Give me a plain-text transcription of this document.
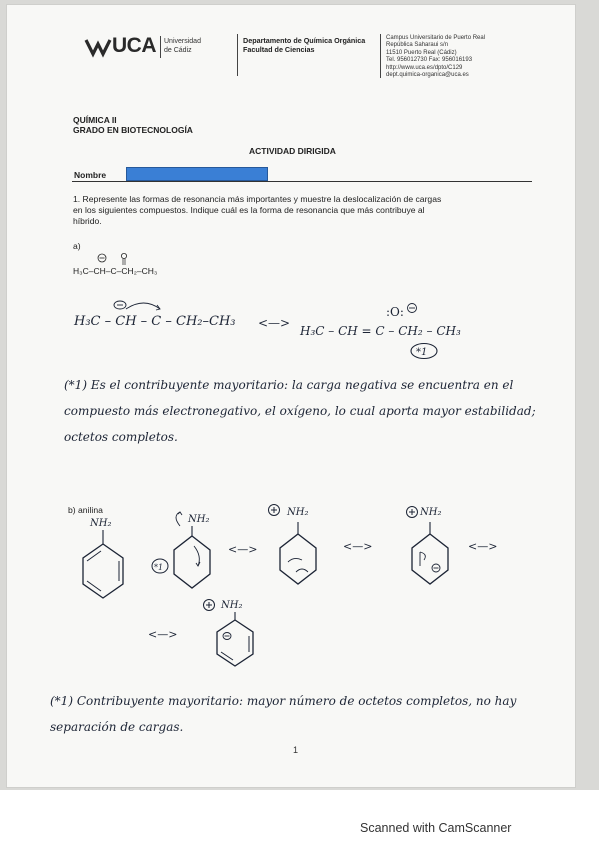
UCA Universidad
de Cádiz
Departamento de Química Orgánica
Facultad de Ciencias
Campus Universitario de Puerto Real
República Saharaui s/n
11510 Puerto Real (Cádiz)
Tel. 956012730 Fax: 956016193
http://www.uca.es/dpto/C129
dept.quimica-organica@uca.es
QUÍMICA II
GRADO EN BIOTECNOLOGÍA
ACTIVIDAD DIRIGIDA
Nombre
1. Represente las formas de resonancia más importantes y muestre la deslocalización de cargas
en los siguientes compuestos. Indique cuál es la forma de resonancia que más contribuye al
híbrido.
a)
H₃C–CH–C–CH₂–CH₃
H₃C – CH – C – CH₂–CH₃ <—>
H₃C – CH = C – CH₂ – CH₃
:O:
*1
(*1) Es el contribuyente mayoritario: la carga negativa se encuentra en el
compuesto más electronegativo, el oxígeno, lo cual aporta mayor estabilidad;
octetos completos.
b) anilina
NH₂	NH₂
*1
<—>
NH₂
<—>
NH₂
<—>
<—>
NH₂
(*1) Contribuyente mayoritario: mayor número de octetos completos, no hay
separación de cargas.
1
Scanned with CamScanner
